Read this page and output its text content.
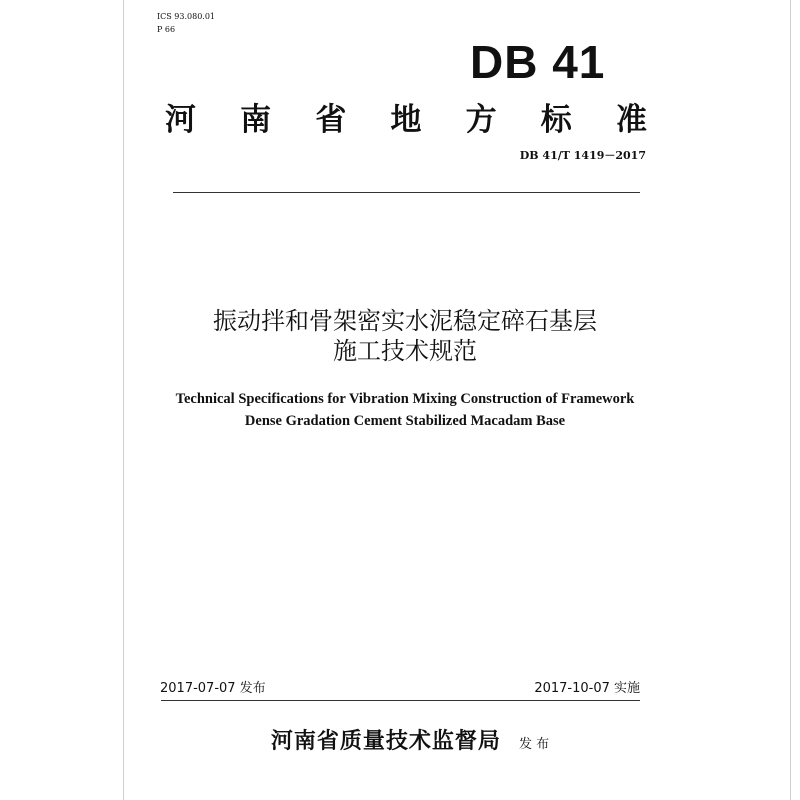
ICS 93.080.01
P 66
DB 41
河 南 省 地 方 标 准
DB 41/T 1419－2017
振动拌和骨架密实水泥稳定碎石基层
施工技术规范
Technical Specifications for Vibration Mixing Construction of Framework
Dense Gradation Cement Stabilized Macadam Base
2017-07-07 发布	2017-10-07 实施
河南省质量技术监督局 发 布
